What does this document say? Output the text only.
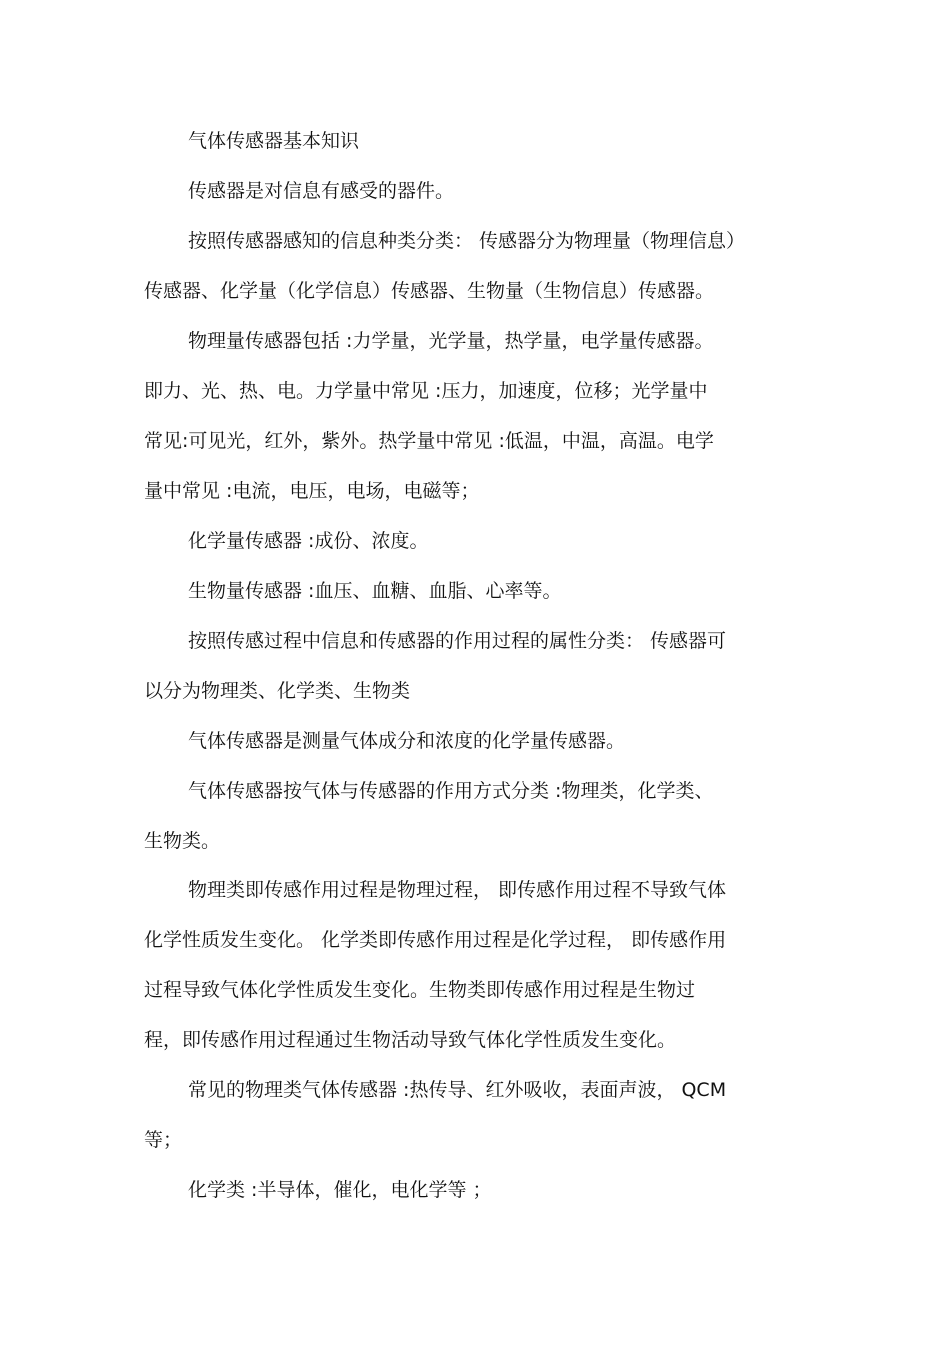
气体传感器基本知识
传感器是对信息有感受的器件。
按照传感器感知的信息种类分类： 传感器分为物理量（物理信息）
传感器、化学量（化学信息）传感器、生物量（生物信息）传感器。
物理量传感器包括 :力学量，光学量，热学量，电学量传感器。
即力、光、热、电。力学量中常见 :压力，加速度，位移；光学量中
常见:可见光，红外，紫外。热学量中常见 :低温，中温，高温。电学
量中常见 :电流，电压，电场，电磁等；
化学量传感器 :成份、浓度。
生物量传感器 :血压、血糖、血脂、心率等。
按照传感过程中信息和传感器的作用过程的属性分类： 传感器可
以分为物理类、化学类、生物类
气体传感器是测量气体成分和浓度的化学量传感器。
气体传感器按气体与传感器的作用方式分类 :物理类，化学类、
生物类。
物理类即传感作用过程是物理过程， 即传感作用过程不导致气体
化学性质发生变化。 化学类即传感作用过程是化学过程， 即传感作用
过程导致气体化学性质发生变化。生物类即传感作用过程是生物过
程，即传感作用过程通过生物活动导致气体化学性质发生变化。
常见的物理类气体传感器 :热传导、红外吸收，表面声波， QCM
等；
化学类 :半导体，催化，电化学等 ；
